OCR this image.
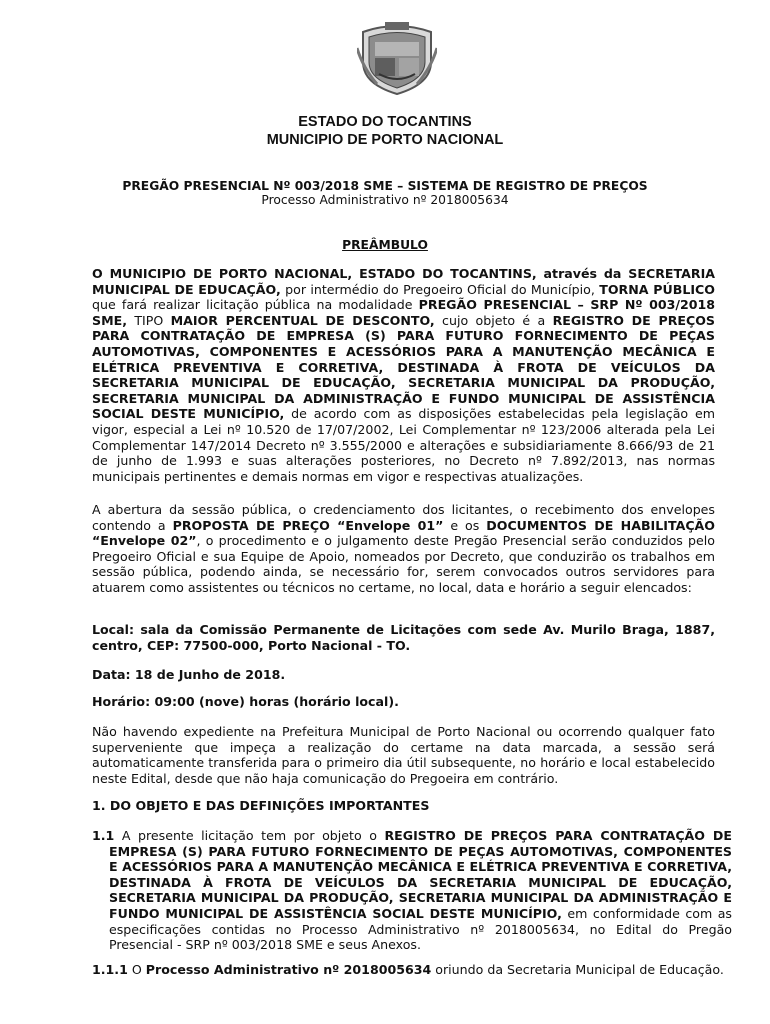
ESTADO DO TOCANTINS
MUNICIPIO DE PORTO NACIONAL
PREGÃO PRESENCIAL Nº 003/2018 SME – SISTEMA DE REGISTRO DE PREÇOS
Processo Administrativo nº 2018005634
PREÂMBULO
O MUNICIPIO DE PORTO NACIONAL, ESTADO DO TOCANTINS, através da SECRETARIA MUNICIPAL DE EDUCAÇÃO, por intermédio do Pregoeiro Oficial do Município, TORNA PÚBLICO que fará realizar licitação pública na modalidade PREGÃO PRESENCIAL – SRP Nº 003/2018 SME, TIPO MAIOR PERCENTUAL DE DESCONTO, cujo objeto é a REGISTRO DE PREÇOS PARA CONTRATAÇÃO DE EMPRESA (S) PARA FUTURO FORNECIMENTO DE PEÇAS AUTOMOTIVAS, COMPONENTES E ACESSÓRIOS PARA A MANUTENÇÃO MECÂNICA E ELÉTRICA PREVENTIVA E CORRETIVA, DESTINADA À FROTA DE VEÍCULOS DA SECRETARIA MUNICIPAL DE EDUCAÇÃO, SECRETARIA MUNICIPAL DA PRODUÇÃO, SECRETARIA MUNICIPAL DA ADMINISTRAÇÃO E FUNDO MUNICIPAL DE ASSISTÊNCIA SOCIAL DESTE MUNICÍPIO, de acordo com as disposições estabelecidas pela legislação em vigor, especial a Lei nº 10.520 de 17/07/2002, Lei Complementar nº 123/2006 alterada pela Lei Complementar 147/2014 Decreto nº 3.555/2000 e alterações e subsidiariamente 8.666/93 de 21 de junho de 1.993 e suas alterações posteriores, no Decreto nº 7.892/2013, nas normas municipais pertinentes e demais normas em vigor e respectivas atualizações.
A abertura da sessão pública, o credenciamento dos licitantes, o recebimento dos envelopes contendo a PROPOSTA DE PREÇO “Envelope 01” e os DOCUMENTOS DE HABILITAÇÃO “Envelope 02”, o procedimento e o julgamento deste Pregão Presencial serão conduzidos pelo Pregoeiro Oficial e sua Equipe de Apoio, nomeados por Decreto, que conduzirão os trabalhos em sessão pública, podendo ainda, se necessário for, serem convocados outros servidores para atuarem como assistentes ou técnicos no certame, no local, data e horário a seguir elencados:
Local: sala da Comissão Permanente de Licitações com sede Av. Murilo Braga, 1887, centro, CEP: 77500-000, Porto Nacional - TO.
Data: 18 de Junho de 2018.
Horário: 09:00 (nove) horas (horário local).
Não havendo expediente na Prefeitura Municipal de Porto Nacional ou ocorrendo qualquer fato superveniente que impeça a realização do certame na data marcada, a sessão será automaticamente transferida para o primeiro dia útil subsequente, no horário e local estabelecido neste Edital, desde que não haja comunicação do Pregoeira em contrário.
1. DO OBJETO E DAS DEFINIÇÕES IMPORTANTES
1.1 A presente licitação tem por objeto o REGISTRO DE PREÇOS PARA CONTRATAÇÃO DE EMPRESA (S) PARA FUTURO FORNECIMENTO DE PEÇAS AUTOMOTIVAS, COMPONENTES E ACESSÓRIOS PARA A MANUTENÇÃO MECÂNICA E ELÉTRICA PREVENTIVA E CORRETIVA, DESTINADA À FROTA DE VEÍCULOS DA SECRETARIA MUNICIPAL DE EDUCAÇÃO, SECRETARIA MUNICIPAL DA PRODUÇÃO, SECRETARIA MUNICIPAL DA ADMINISTRAÇÃO E FUNDO MUNICIPAL DE ASSISTÊNCIA SOCIAL DESTE MUNICÍPIO, em conformidade com as especificações contidas no Processo Administrativo nº 2018005634, no Edital do Pregão Presencial - SRP nº 003/2018 SME e seus Anexos.
1.1.1 O Processo Administrativo nº 2018005634 oriundo da Secretaria Municipal de Educação.
